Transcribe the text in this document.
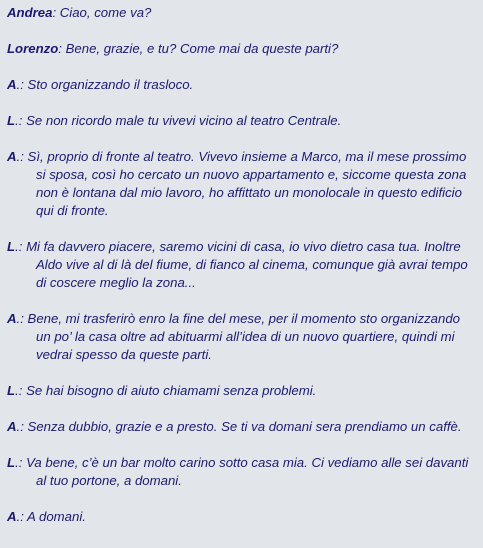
Andrea: Ciao, come va?

Lorenzo: Bene, grazie, e tu? Come mai da queste parti?

A.: Sto organizzando il trasloco.

L.: Se non ricordo male tu vivevi vicino al teatro Centrale.

A.: Sì, proprio di fronte al teatro. Vivevo insieme a Marco, ma il mese prossimo si sposa, così ho cercato un nuovo appartamento e, siccome questa zona non è lontana dal mio lavoro, ho affittato un monolocale in questo edificio qui di fronte.

L.: Mi fa davvero piacere, saremo vicini di casa, io vivo dietro casa tua. Inoltre Aldo vive al di là del fiume, di fianco al cinema, comunque già avrai tempo di coscere meglio la zona...

A.: Bene, mi trasferirò enro la fine del mese, per il momento sto organizzando un po’ la casa oltre ad abituarmi all’idea di un nuovo quartiere, quindi mi vedrai spesso da queste parti.

L.: Se hai bisogno di aiuto chiamami senza problemi.

A.: Senza dubbio, grazie e a presto. Se ti va domani sera prendiamo un caffè.

L.: Va bene, c’è un bar molto carino sotto casa mia. Ci vediamo alle sei davanti al tuo portone, a domani.

A.: A domani.
